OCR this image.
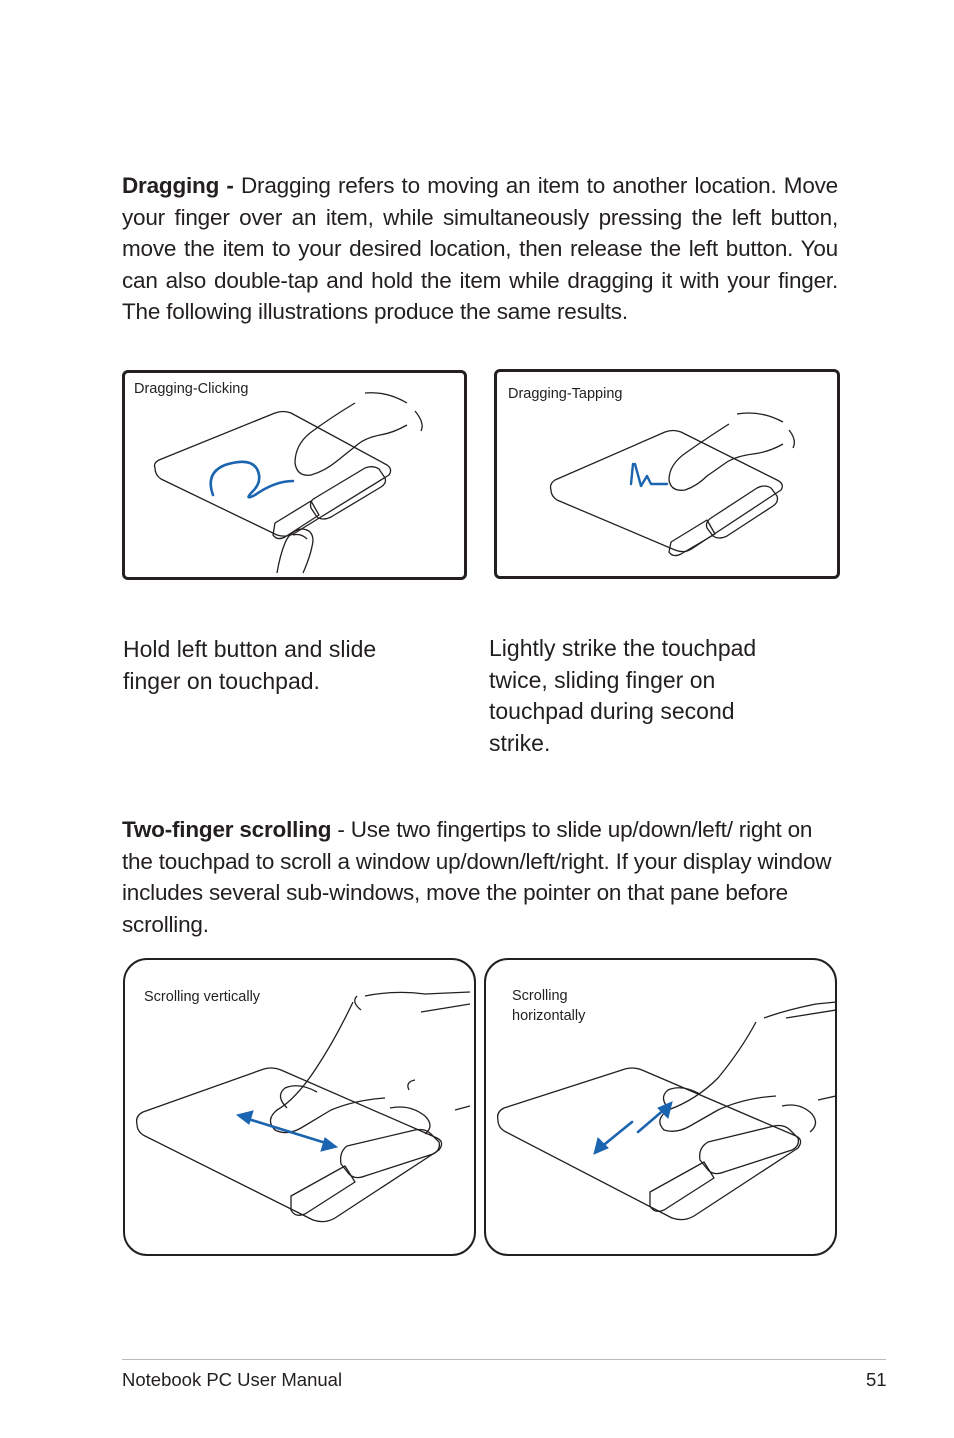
Dragging - Dragging refers to moving an item to another location. Move your finger over an item, while simultaneously pressing the left button, move the item to your desired location, then release the left button. You can also double-tap and hold the item while dragging it with your finger. The following illustrations produce the same results.

Dragging-Clicking	Dragging-Tapping

Hold left button and slide finger on touchpad.

Lightly strike the touchpad twice, sliding finger on touchpad during second strike.

Two-finger scrolling - Use two fingertips to slide up/down/left/ right on the touchpad to scroll a window up/down/left/right. If your display window includes several sub-windows, move the pointer on that pane before scrolling.

Scrolling vertically	Scrolling
horizontally
Notebook PC User Manual	51
